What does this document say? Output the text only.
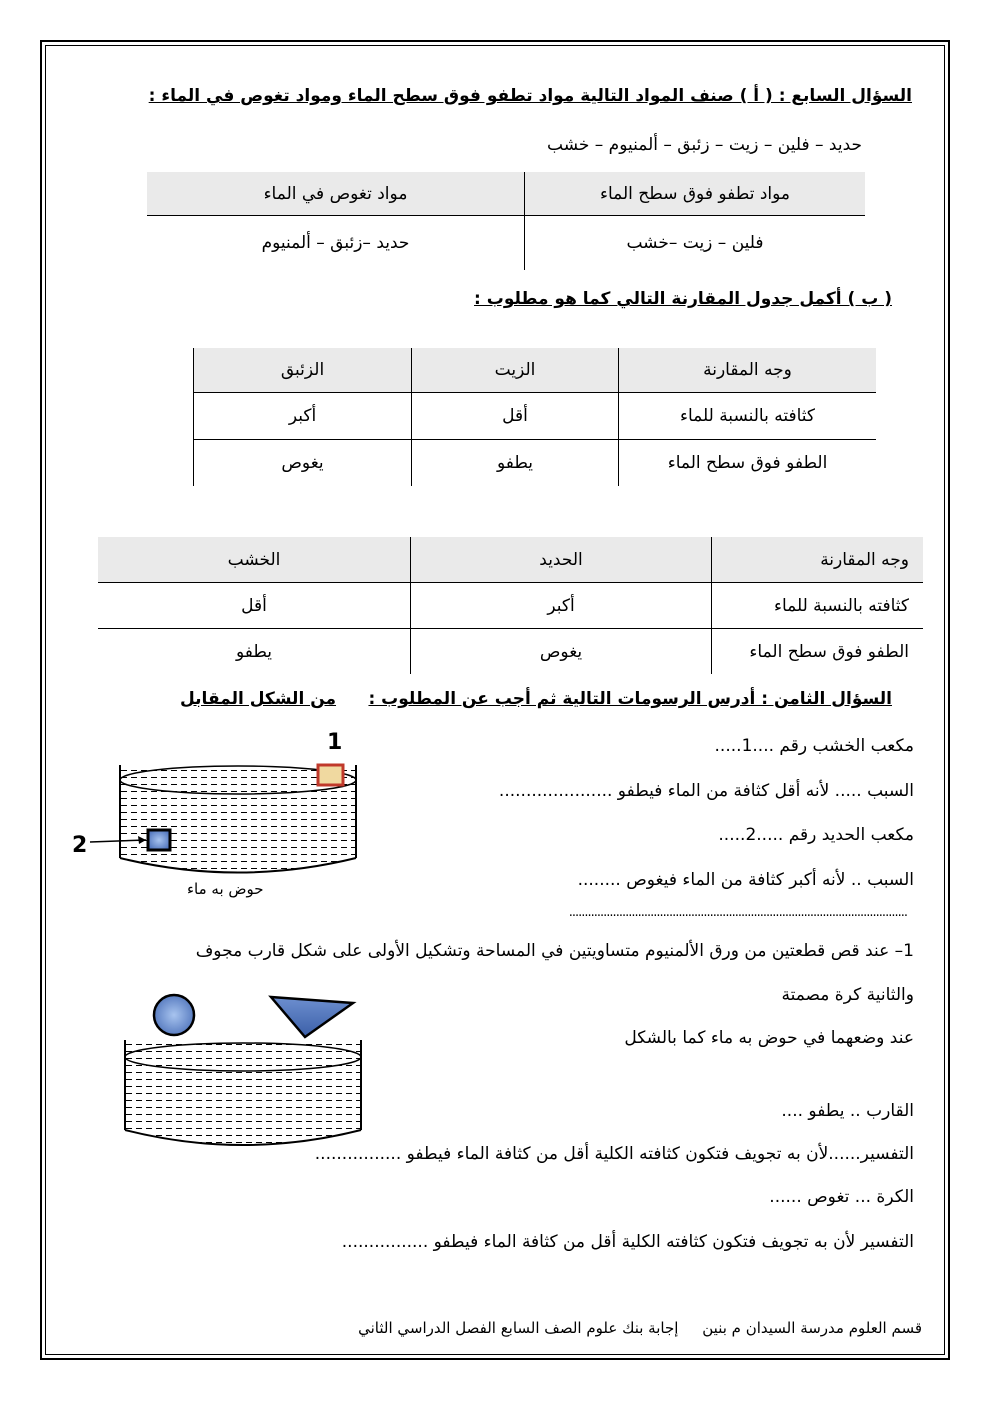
السؤال السابع : ( أ ) صنف المواد التالية مواد تطفو فوق سطح الماء ومواد تغوص في الماء :
حديد – فلين – زيت – زئبق – ألمنيوم – خشب
مواد تطفو فوق سطح الماء
مواد تغوص في الماء
فلين – زيت –خشب
حديد –زئبق – ألمنيوم
( ب ) أكمل جدول المقارنة التالي كما هو مطلوب :
وجه المقارنة
الزيت
الزئبق
كثافته بالنسبة للماء
أقل
أكبر
الطفو فوق سطح الماء
يطفو
يغوص
وجه المقارنة
الحديد
الخشب
كثافته بالنسبة للماء
أكبر
أقل
الطفو فوق سطح الماء
يغوص
يطفو
السؤال الثامن : أدرس الرسومات التالية ثم أجب عن المطلوب :
من الشكل المقابل
مكعب الخشب رقم ....1.....
السبب ..... لأنه أقل كثافة من الماء فيطفو .....................
مكعب الحديد رقم .....2.....
السبب .. لأنه أكبر كثافة من الماء فيغوص ........
............................................................................................................
1
2
حوض به ماء
1– عند قص قطعتين من ورق الألمنيوم متساويتين في المساحة وتشكيل الأولى على شكل قارب مجوف
والثانية كرة مصمتة
عند وضعهما في حوض به ماء كما بالشكل
القارب .. يطفو ....
التفسير......لأن به تجويف فتكون كثافته الكلية أقل من كثافة الماء فيطفو ................
الكرة ... تغوص ......
التفسير لأن به تجويف فتكون كثافته الكلية أقل من كثافة الماء فيطفو ................
قسم العلوم مدرسة السيدان م بنين     إجابة بنك علوم الصف السابع الفصل الدراسي الثاني
